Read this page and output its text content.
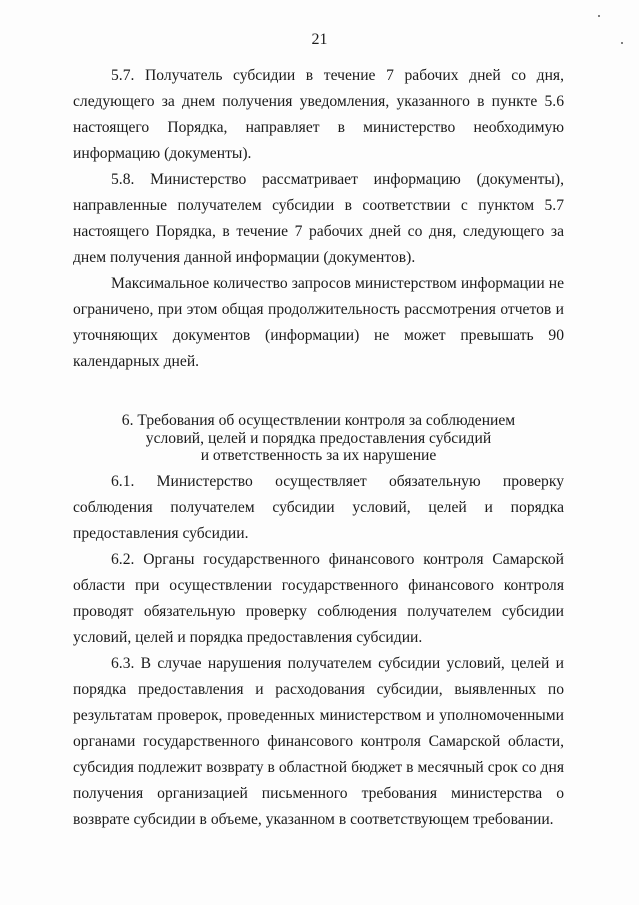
21

5.7. Получатель субсидии в течение 7 рабочих дней со дня, следующего за днем получения уведомления, указанного в пункте 5.6 настоящего Порядка, направляет в министерство необходимую информацию (документы).

5.8. Министерство рассматривает информацию (документы), направленные получателем субсидии в соответствии с пунктом 5.7 настоящего Порядка, в течение 7 рабочих дней со дня, следующего за днем получения данной информации (документов).

Максимальное количество запросов министерством информации не ограничено, при этом общая продолжительность рассмотрения отчетов и уточняющих документов (информации) не может превышать 90 календарных дней.

6. Требования об осуществлении контроля за соблюдением
условий, целей и порядка предоставления субсидий
и ответственность за их нарушение

6.1. Министерство осуществляет обязательную проверку соблюдения получателем субсидии условий, целей и порядка предоставления субсидии.

6.2. Органы государственного финансового контроля Самарской области при осуществлении государственного финансового контроля проводят обязательную проверку соблюдения получателем субсидии условий, целей и порядка предоставления субсидии.

6.3. В случае нарушения получателем субсидии условий, целей и порядка предоставления и расходования субсидии, выявленных по результатам проверок, проведенных министерством и уполномоченными органами государственного финансового контроля Самарской области, субсидия подлежит возврату в областной бюджет в месячный срок со дня получения организацией письменного требования министерства о возврате субсидии в объеме, указанном в соответствующем требовании.
